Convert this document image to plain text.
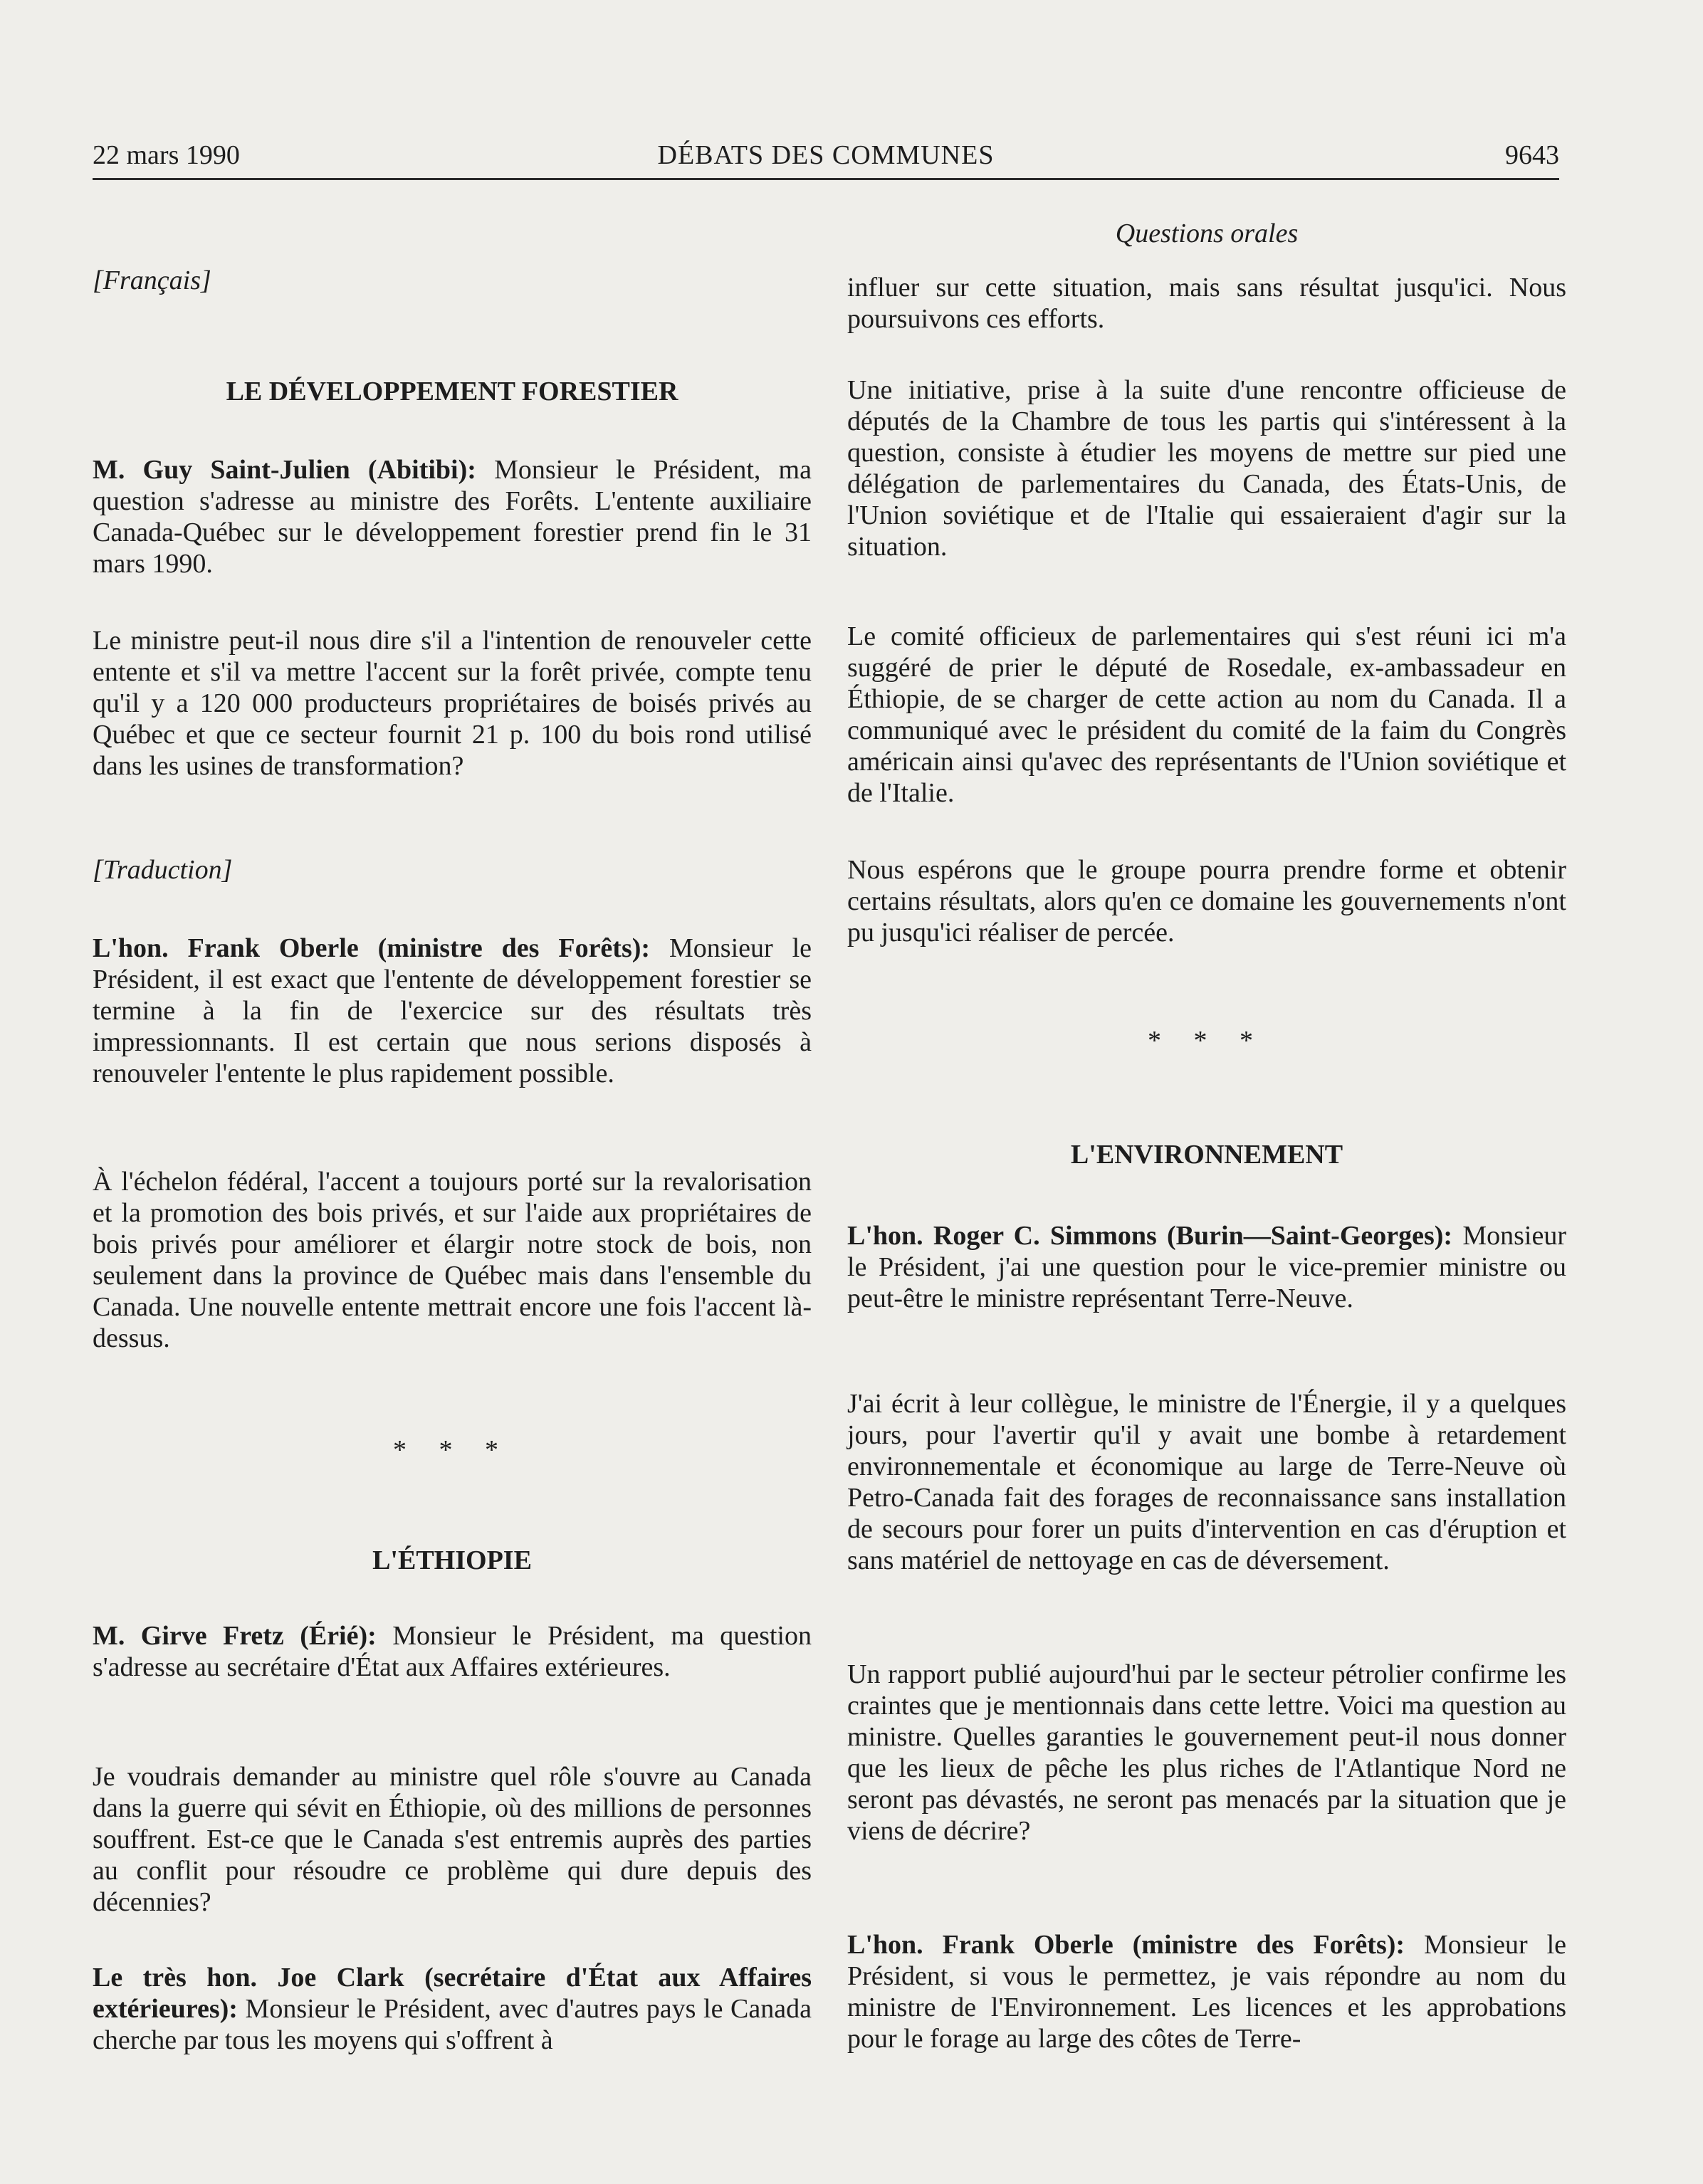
22 mars 1990	DÉBATS DES COMMUNES	9643
[Français]
LE DÉVELOPPEMENT FORESTIER
M. Guy Saint-Julien (Abitibi): Monsieur le Président, ma question s'adresse au ministre des Forêts. L'entente auxiliaire Canada-Québec sur le développement forestier prend fin le 31 mars 1990.
Le ministre peut-il nous dire s'il a l'intention de renouveler cette entente et s'il va mettre l'accent sur la forêt privée, compte tenu qu'il y a 120 000 producteurs propriétaires de boisés privés au Québec et que ce secteur fournit 21 p. 100 du bois rond utilisé dans les usines de transformation?
[Traduction]
L'hon. Frank Oberle (ministre des Forêts): Monsieur le Président, il est exact que l'entente de développement forestier se termine à la fin de l'exercice sur des résultats très impressionnants. Il est certain que nous serions disposés à renouveler l'entente le plus rapidement possible.
À l'échelon fédéral, l'accent a toujours porté sur la revalorisation et la promotion des bois privés, et sur l'aide aux propriétaires de bois privés pour améliorer et élargir notre stock de bois, non seulement dans la province de Québec mais dans l'ensemble du Canada. Une nouvelle entente mettrait encore une fois l'accent là-dessus.
* * *
L'ÉTHIOPIE
M. Girve Fretz (Érié): Monsieur le Président, ma question s'adresse au secrétaire d'État aux Affaires extérieures.
Je voudrais demander au ministre quel rôle s'ouvre au Canada dans la guerre qui sévit en Éthiopie, où des millions de personnes souffrent. Est-ce que le Canada s'est entremis auprès des parties au conflit pour résoudre ce problème qui dure depuis des décennies?
Le très hon. Joe Clark (secrétaire d'État aux Affaires extérieures): Monsieur le Président, avec d'autres pays le Canada cherche par tous les moyens qui s'offrent à
Questions orales
influer sur cette situation, mais sans résultat jusqu'ici. Nous poursuivons ces efforts.
Une initiative, prise à la suite d'une rencontre officieuse de députés de la Chambre de tous les partis qui s'intéressent à la question, consiste à étudier les moyens de mettre sur pied une délégation de parlementaires du Canada, des États-Unis, de l'Union soviétique et de l'Italie qui essaieraient d'agir sur la situation.
Le comité officieux de parlementaires qui s'est réuni ici m'a suggéré de prier le député de Rosedale, ex-ambassadeur en Éthiopie, de se charger de cette action au nom du Canada. Il a communiqué avec le président du comité de la faim du Congrès américain ainsi qu'avec des représentants de l'Union soviétique et de l'Italie.
Nous espérons que le groupe pourra prendre forme et obtenir certains résultats, alors qu'en ce domaine les gouvernements n'ont pu jusqu'ici réaliser de percée.
* * *
L'ENVIRONNEMENT
L'hon. Roger C. Simmons (Burin—Saint-Georges): Monsieur le Président, j'ai une question pour le vice-premier ministre ou peut-être le ministre représentant Terre-Neuve.
J'ai écrit à leur collègue, le ministre de l'Énergie, il y a quelques jours, pour l'avertir qu'il y avait une bombe à retardement environnementale et économique au large de Terre-Neuve où Petro-Canada fait des forages de reconnaissance sans installation de secours pour forer un puits d'intervention en cas d'éruption et sans matériel de nettoyage en cas de déversement.
Un rapport publié aujourd'hui par le secteur pétrolier confirme les craintes que je mentionnais dans cette lettre. Voici ma question au ministre. Quelles garanties le gouvernement peut-il nous donner que les lieux de pêche les plus riches de l'Atlantique Nord ne seront pas dévastés, ne seront pas menacés par la situation que je viens de décrire?
L'hon. Frank Oberle (ministre des Forêts): Monsieur le Président, si vous le permettez, je vais répondre au nom du ministre de l'Environnement. Les licences et les approbations pour le forage au large des côtes de Terre-
